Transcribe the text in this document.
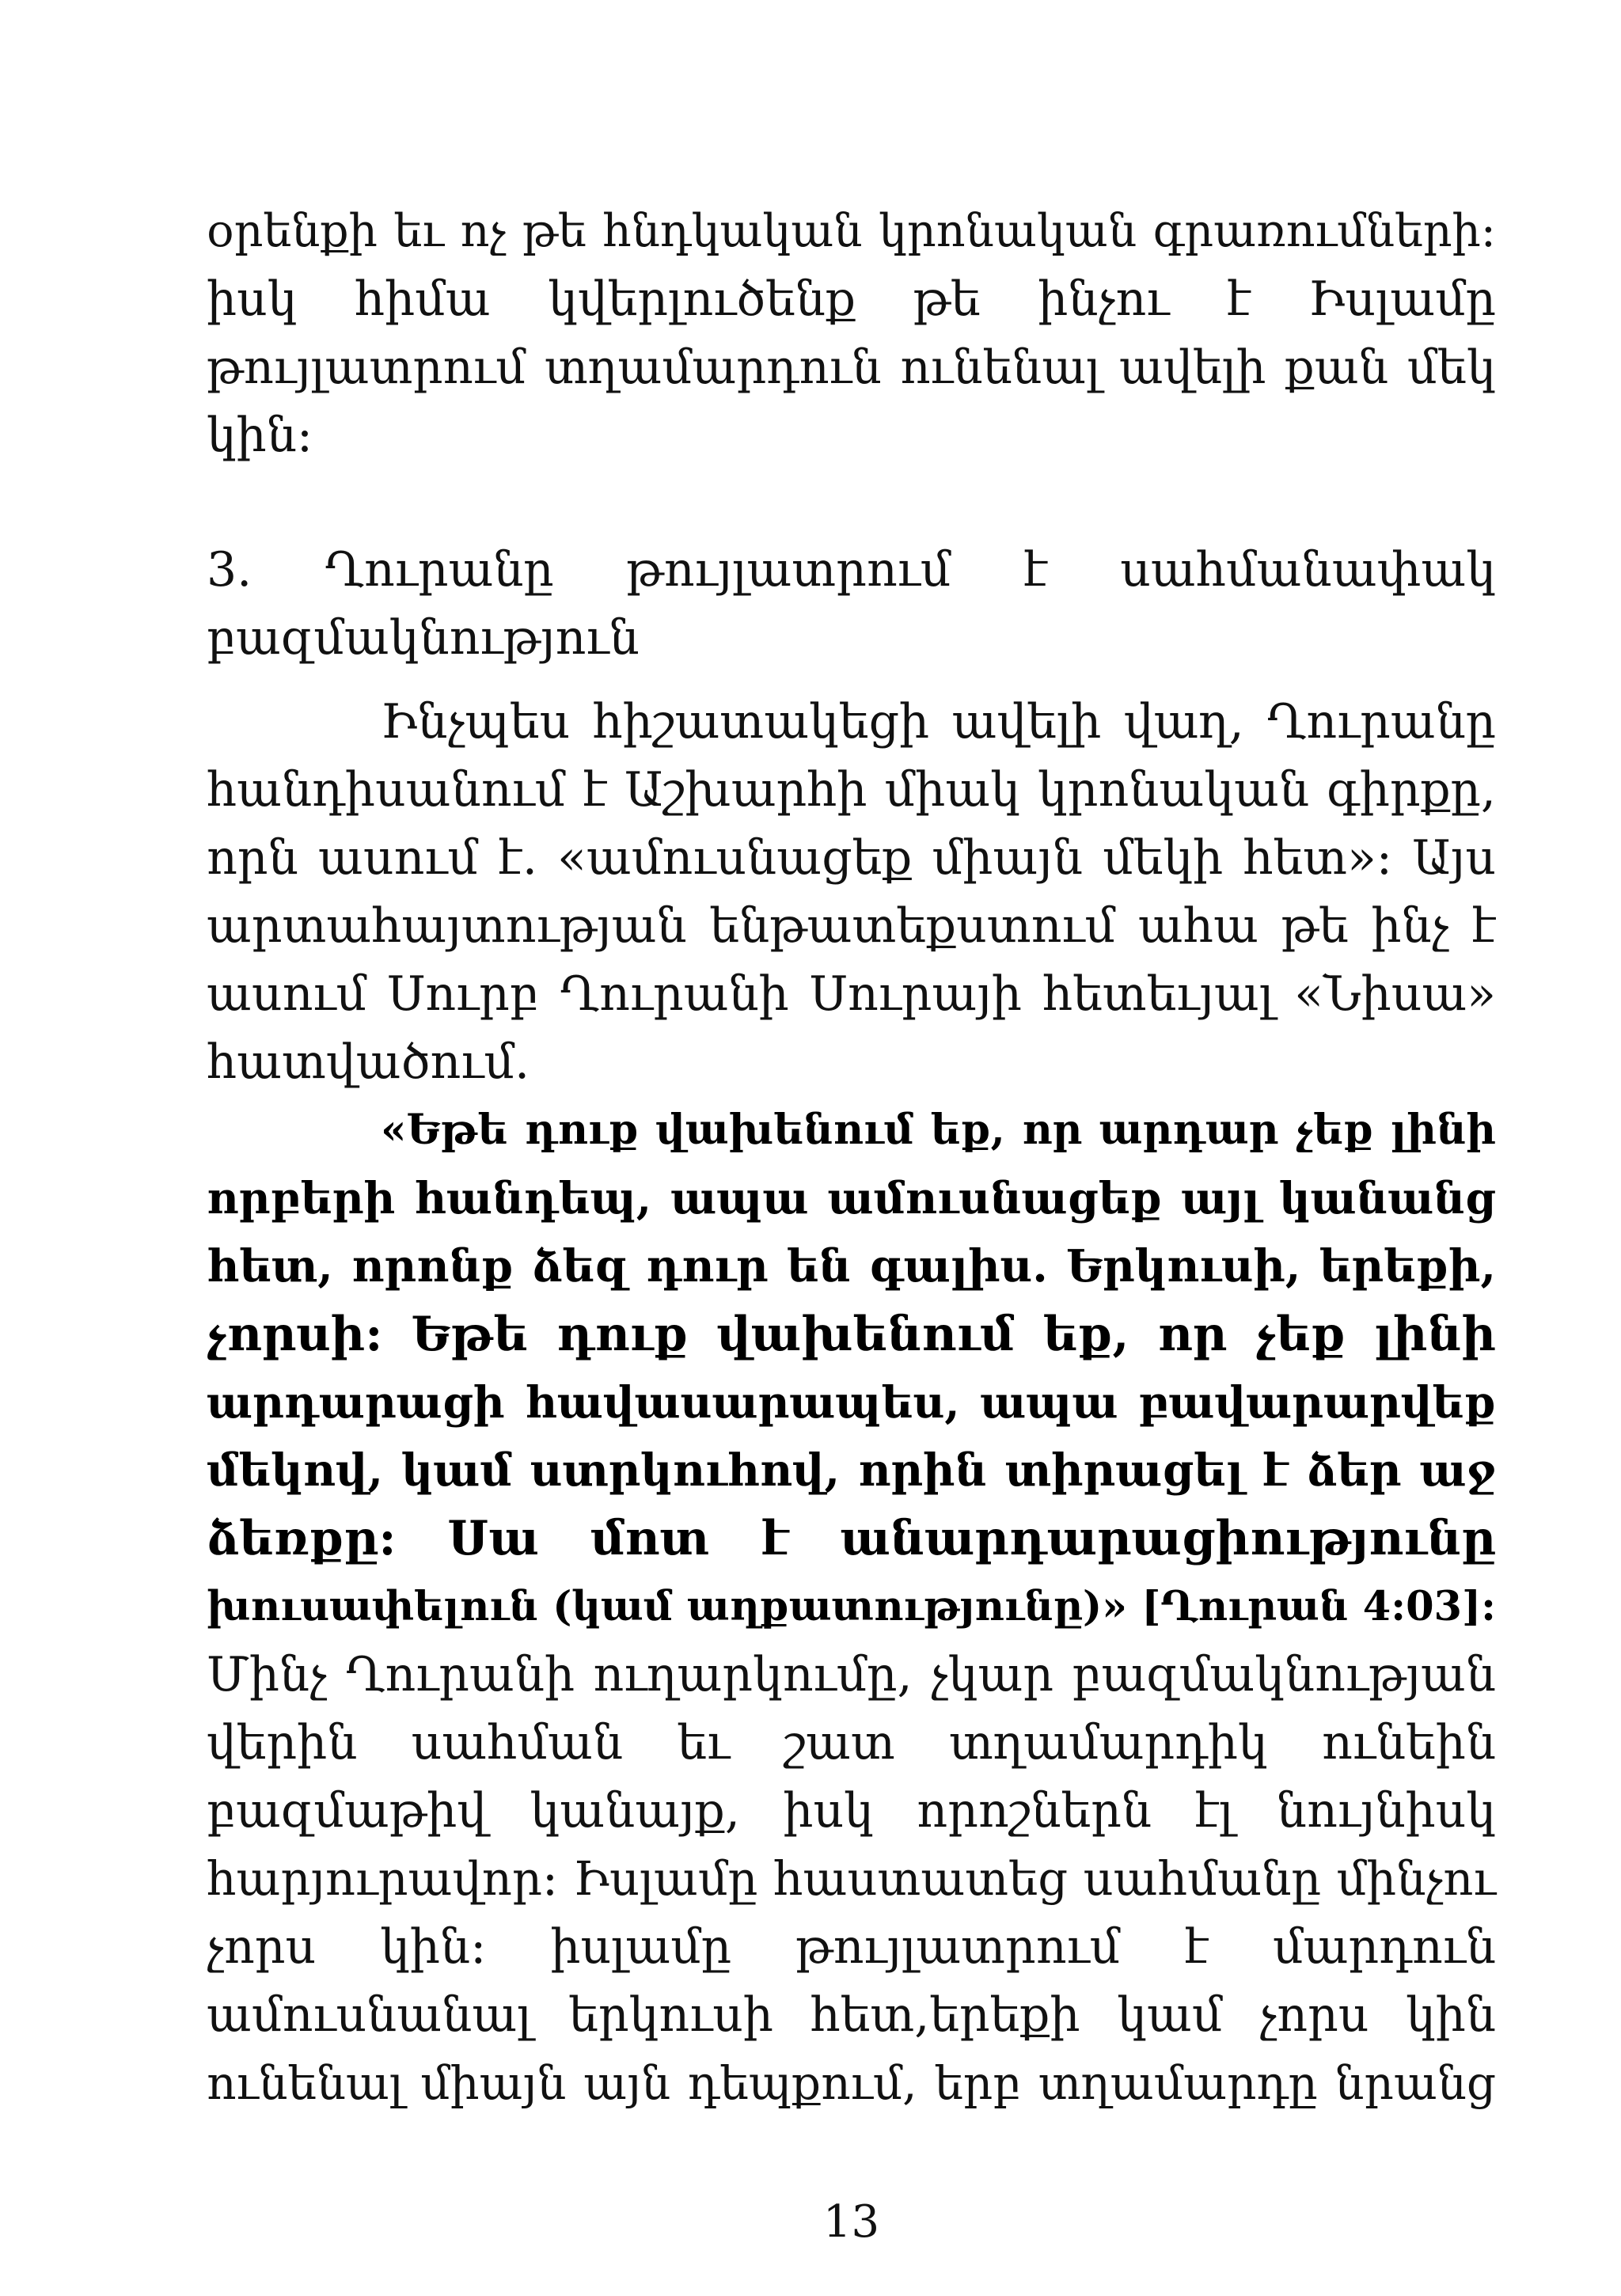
օրենքի եւ ոչ թե հնդկական կրոնական գրառումների:
իսկ հիմա կվերլուծենք թե ինչու է Իսլամը
թույլատրում տղամարդուն ունենալ ավելի քան մեկ
կին:
3. Ղուրանը թույլատրում է սահմանափակ
բազմակնություն
Ինչպես հիշատակեցի ավելի վաղ, Ղուրանը
հանդիսանում է Աշխարհի միակ կրոնական գիրքը,
որն ասում է. «ամուսնացեք միայն մեկի հետ»: Այս
արտահայտության ենթատեքստում ահա թե ինչ է
ասում Սուրբ Ղուրանի Սուրայի հետեւյալ «Նիսա»
հատվածում.
«Եթե դուք վախենում եք, որ արդար չեք լինի
որբերի հանդեպ, ապա ամուսնացեք այլ կանանց
հետ, որոնք ձեզ դուր են գալիս. Երկուսի, երեքի,
չորսի: Եթե դուք վախենում եք, որ չեք լինի
արդարացի հավասարապես, ապա բավարարվեք
մեկով, կամ ստրկուհով, որին տիրացել է ձեր աջ
ձեռքը: Սա մոտ է անարդարացիությունը
խուսափելուն (կամ աղքատությունը)» [Ղուրան 4:03]:
Մինչ Ղուրանի ուղարկումը, չկար բազմակնության
վերին սահման եւ շատ տղամարդիկ ունեին
բազմաթիվ կանայք, իսկ որոշներն էլ նույնիսկ
հարյուրավոր: Իսլամը հաստատեց սահմանը մինչու
չորս կին: իսլամը թույլատրում է մարդուն
ամուսնանալ երկուսի հետ,երեքի կամ չորս կին
ունենալ միայն այն դեպքում, երբ տղամարդը նրանց
13
